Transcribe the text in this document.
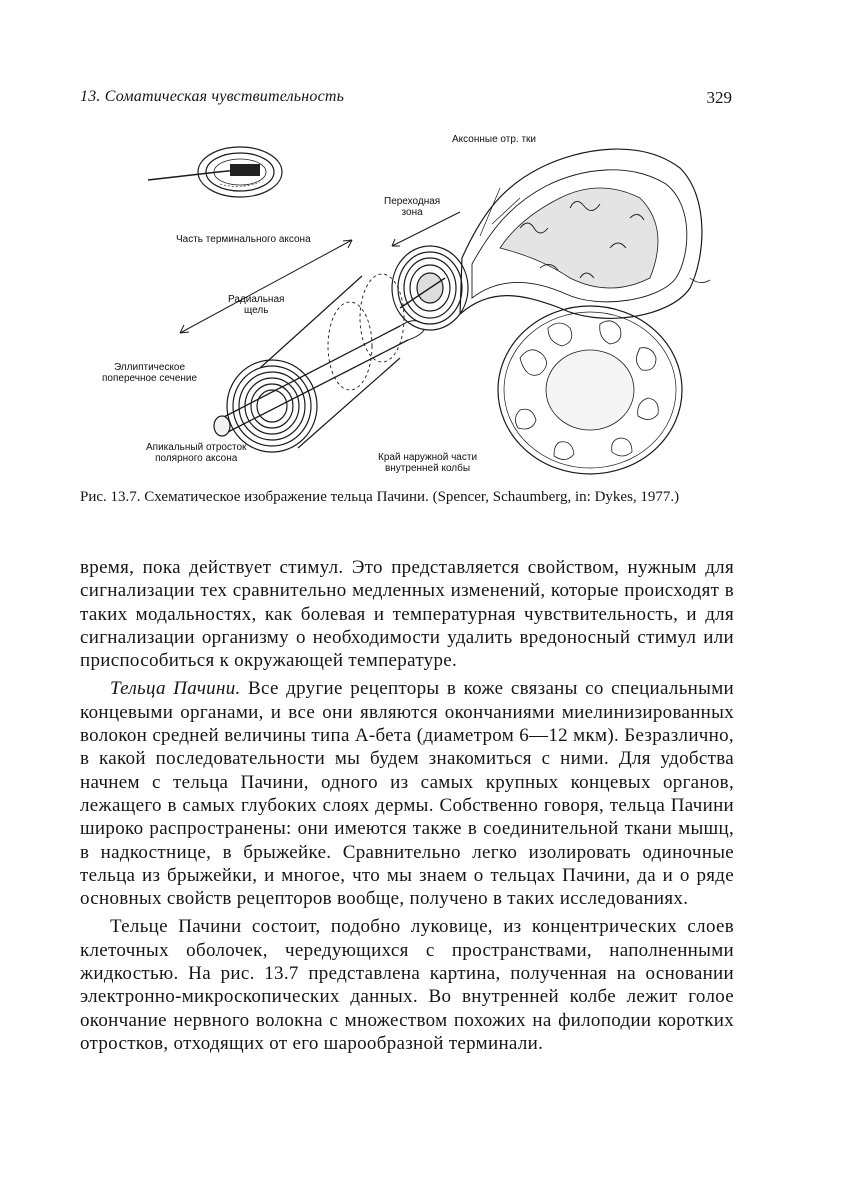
13. Соматическая чувствительность	329
Аксонные отр. тки
Переходная
зона
Часть терминального аксона
Радиальная
щель
Эллиптическое
поперечное сечение
Апикальный отросток
полярного аксона	Край наружной части
внутренней колбы
Рис. 13.7. Схематическое изображение тельца Пачини. (Spencer, Schaumberg, in: Dykes, 1977.)

время, пока действует стимул. Это представляется свойством, нужным для сигнализации тех сравнительно медленных изменений, которые происходят в таких модальностях, как болевая и температурная чувствительность, и для сигнализации организму о необходимости удалить вредоносный стимул или приспособиться к окружающей температуре.

Тельца Пачини. Все другие рецепторы в коже связаны со специальными концевыми органами, и все они являются окончаниями миелинизированных волокон средней величины типа А-бета (диаметром 6—12 мкм). Безразлично, в какой последовательности мы будем знакомиться с ними. Для удобства начнем с тельца Пачини, одного из самых крупных концевых органов, лежащего в самых глубоких слоях дермы. Собственно говоря, тельца Пачини широко распространены: они имеются также в соединительной ткани мышц, в надкостнице, в брыжейке. Сравнительно легко изолировать одиночные тельца из брыжейки, и многое, что мы знаем о тельцах Пачини, да и о ряде основных свойств рецепторов вообще, получено в таких исследованиях.

Тельце Пачини состоит, подобно луковице, из концентрических слоев клеточных оболочек, чередующихся с пространствами, наполненными жидкостью. На рис. 13.7 представлена картина, полученная на основании электронно-микроскопических данных. Во внутренней колбе лежит голое окончание нервного волокна с множеством похожих на филоподии коротких отростков, отходящих от его шарообразной терминали.
